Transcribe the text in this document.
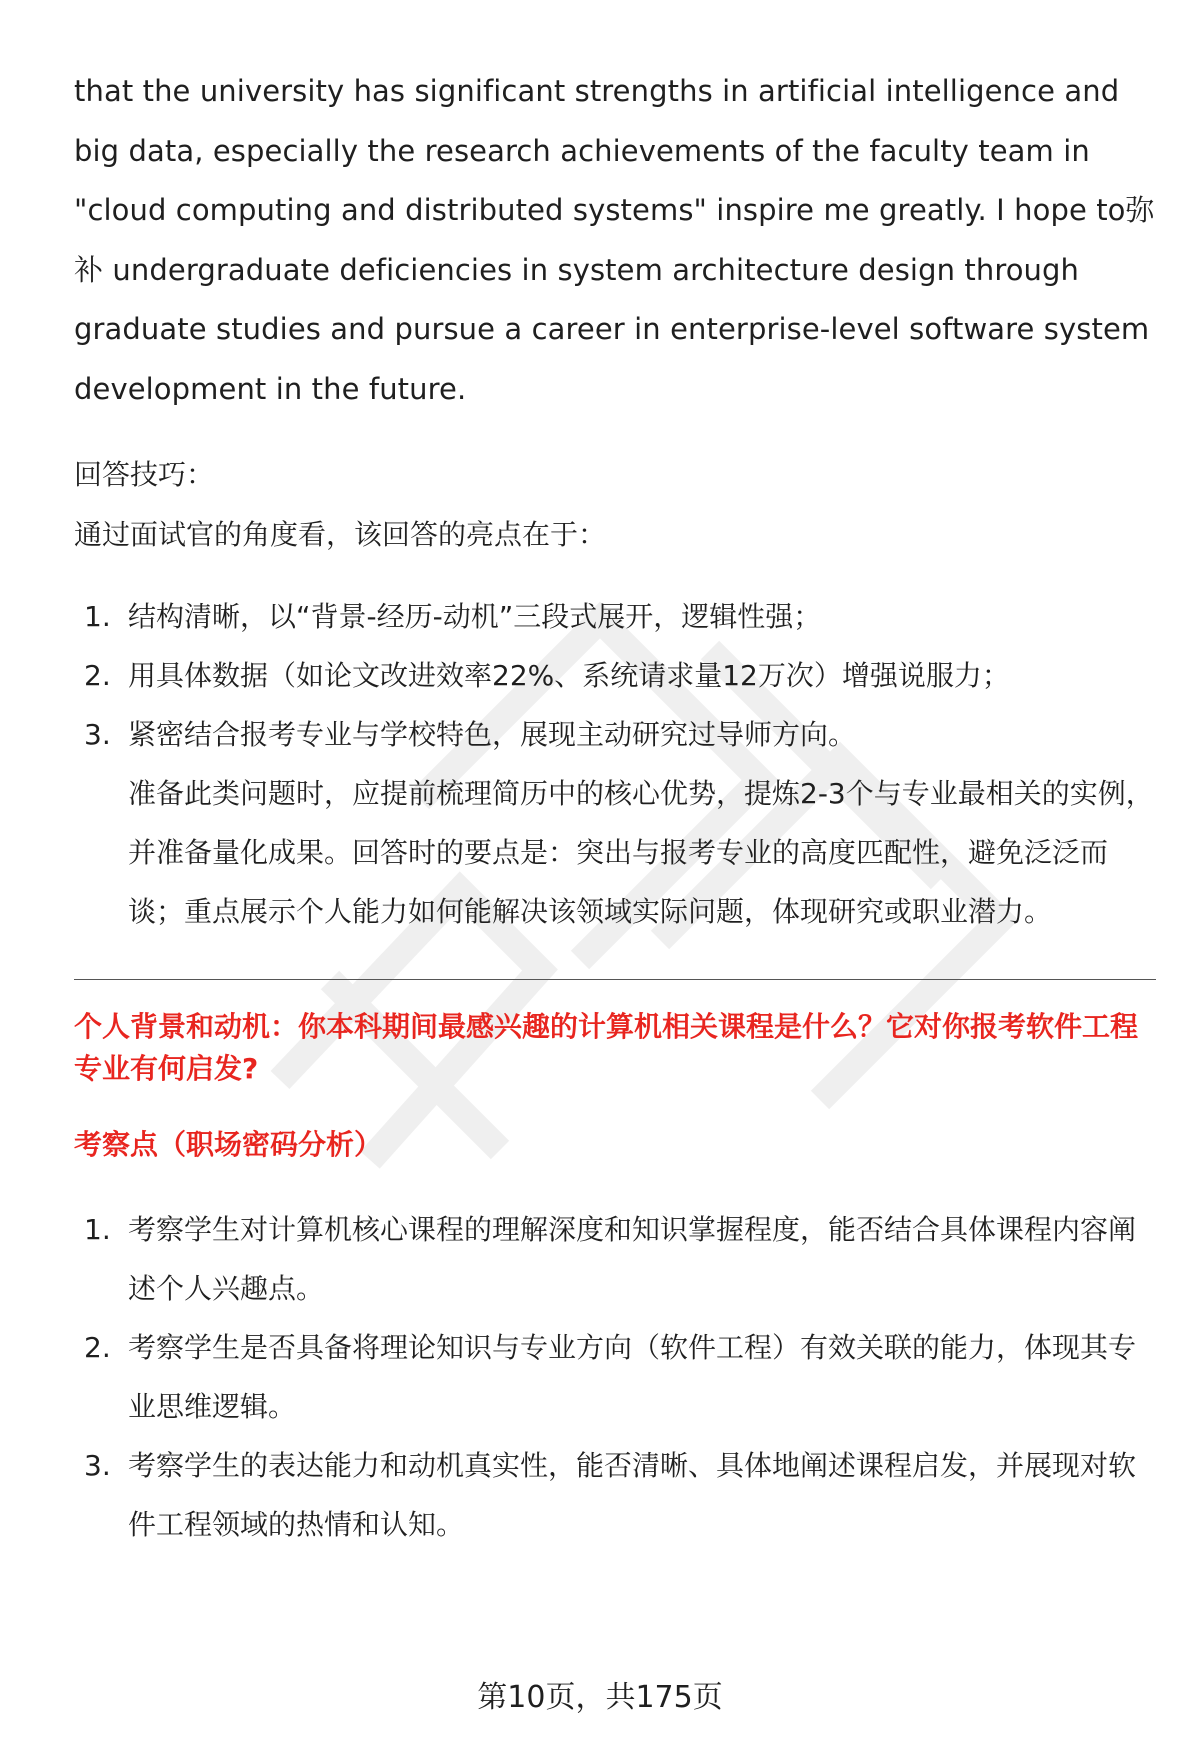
that the university has significant strengths in artificial intelligence and big data, especially the research achievements of the faculty team in "cloud computing and distributed systems" inspire me greatly. I hope to弥补 undergraduate deficiencies in system architecture design through graduate studies and pursue a career in enterprise-level software system development in the future.

回答技巧：

通过面试官的角度看，该回答的亮点在于：

1. 结构清晰，以“背景-经历-动机”三段式展开，逻辑性强；
2. 用具体数据（如论文改进效率22%、系统请求量12万次）增强说服力；
3. 紧密结合报考专业与学校特色，展现主动研究过导师方向。

准备此类问题时，应提前梳理简历中的核心优势，提炼2-3个与专业最相关的实例，并准备量化成果。回答时的要点是：突出与报考专业的高度匹配性，避免泛泛而谈；重点展示个人能力如何能解决该领域实际问题，体现研究或职业潜力。

个人背景和动机：你本科期间最感兴趣的计算机相关课程是什么？它对你报考软件工程专业有何启发?

考察点（职场密码分析）

1. 考察学生对计算机核心课程的理解深度和知识掌握程度，能否结合具体课程内容阐述个人兴趣点。
2. 考察学生是否具备将理论知识与专业方向（软件工程）有效关联的能力，体现其专业思维逻辑。
3. 考察学生的表达能力和动机真实性，能否清晰、具体地阐述课程启发，并展现对软件工程领域的热情和认知。
第10页，共175页
